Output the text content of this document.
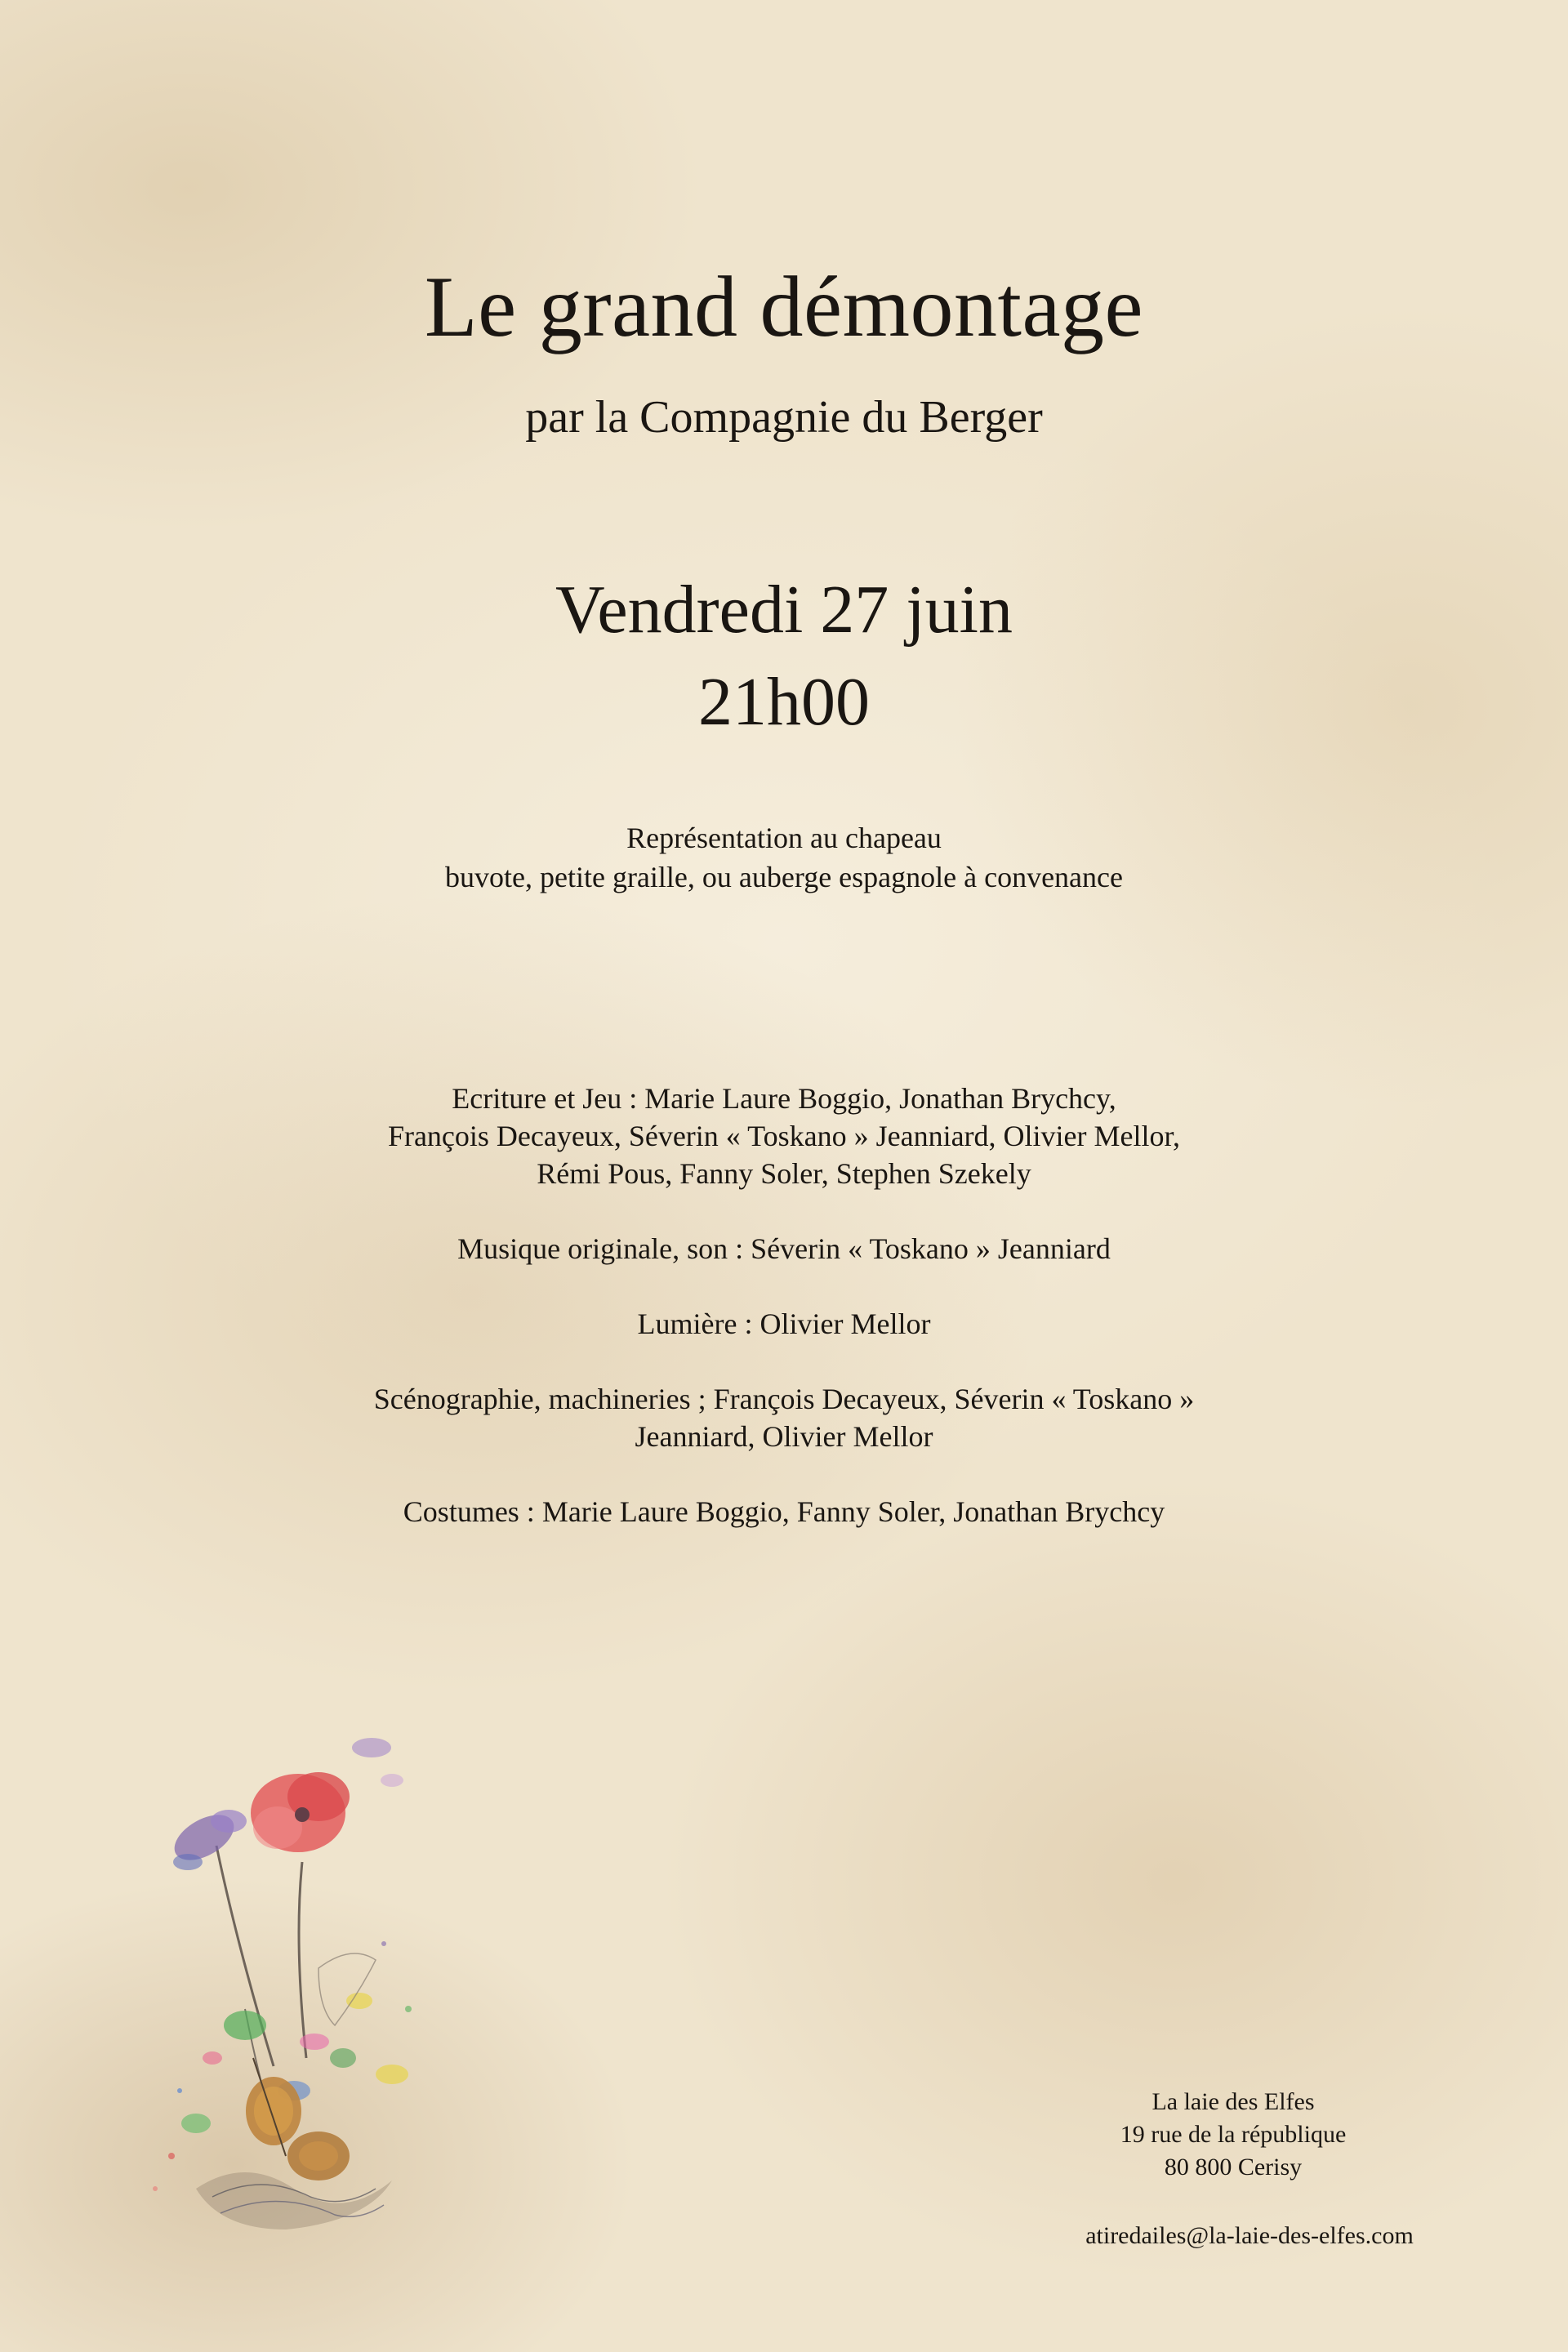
Le grand démontage
par la Compagnie du Berger
Vendredi 27 juin
21h00
Représentation au chapeau
buvote, petite graille, ou auberge espagnole à convenance
Ecriture et Jeu : Marie Laure Boggio, Jonathan Brychcy,
François Decayeux, Séverin « Toskano » Jeanniard, Olivier Mellor,
Rémi Pous, Fanny Soler, Stephen Szekely
Musique originale, son : Séverin « Toskano » Jeanniard
Lumière : Olivier Mellor
Scénographie, machineries ; François Decayeux, Séverin « Toskano »
Jeanniard, Olivier Mellor
Costumes : Marie Laure Boggio, Fanny Soler, Jonathan Brychcy
La laie des Elfes
19 rue de la république
80 800 Cerisy
atiredailes@la-laie-des-elfes.com
